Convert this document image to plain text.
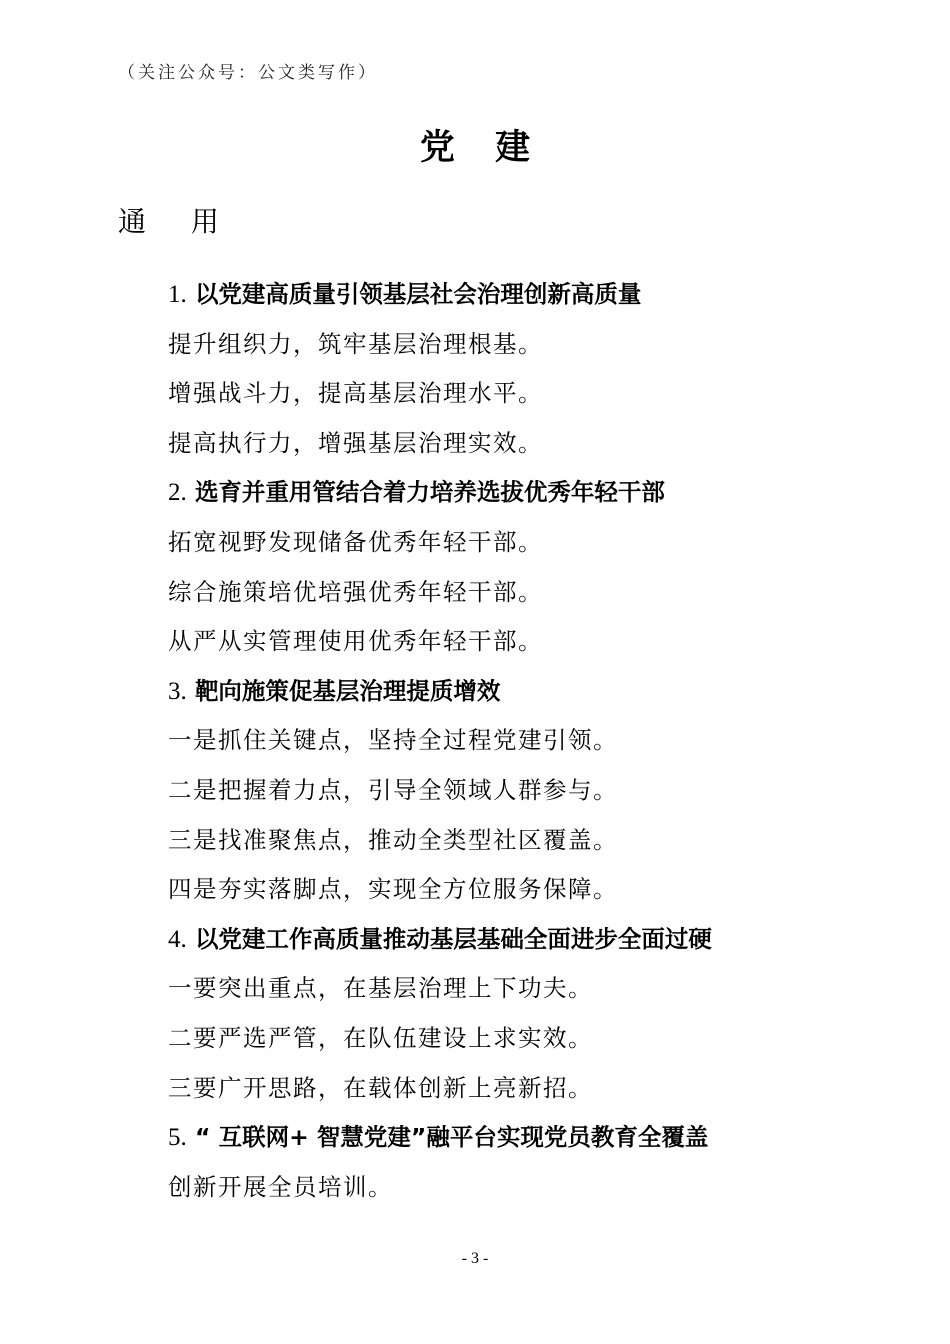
（关注公众号：公文类写作）
党 建
通 用
1. 以党建高质量引领基层社会治理创新高质量
提升组织力，筑牢基层治理根基。
增强战斗力，提高基层治理水平。
提高执行力，增强基层治理实效。
2. 选育并重用管结合着力培养选拔优秀年轻干部
拓宽视野发现储备优秀年轻干部。
综合施策培优培强优秀年轻干部。
从严从实管理使用优秀年轻干部。
3. 靶向施策促基层治理提质增效
一是抓住关键点，坚持全过程党建引领。
二是把握着力点，引导全领域人群参与。
三是找准聚焦点，推动全类型社区覆盖。
四是夯实落脚点，实现全方位服务保障。
4. 以党建工作高质量推动基层基础全面进步全面过硬
一要突出重点，在基层治理上下功夫。
二要严选严管，在队伍建设上求实效。
三要广开思路，在载体创新上亮新招。
5. “ 互联网+ 智慧党建”融平台实现党员教育全覆盖
创新开展全员培训。
- 3 -
